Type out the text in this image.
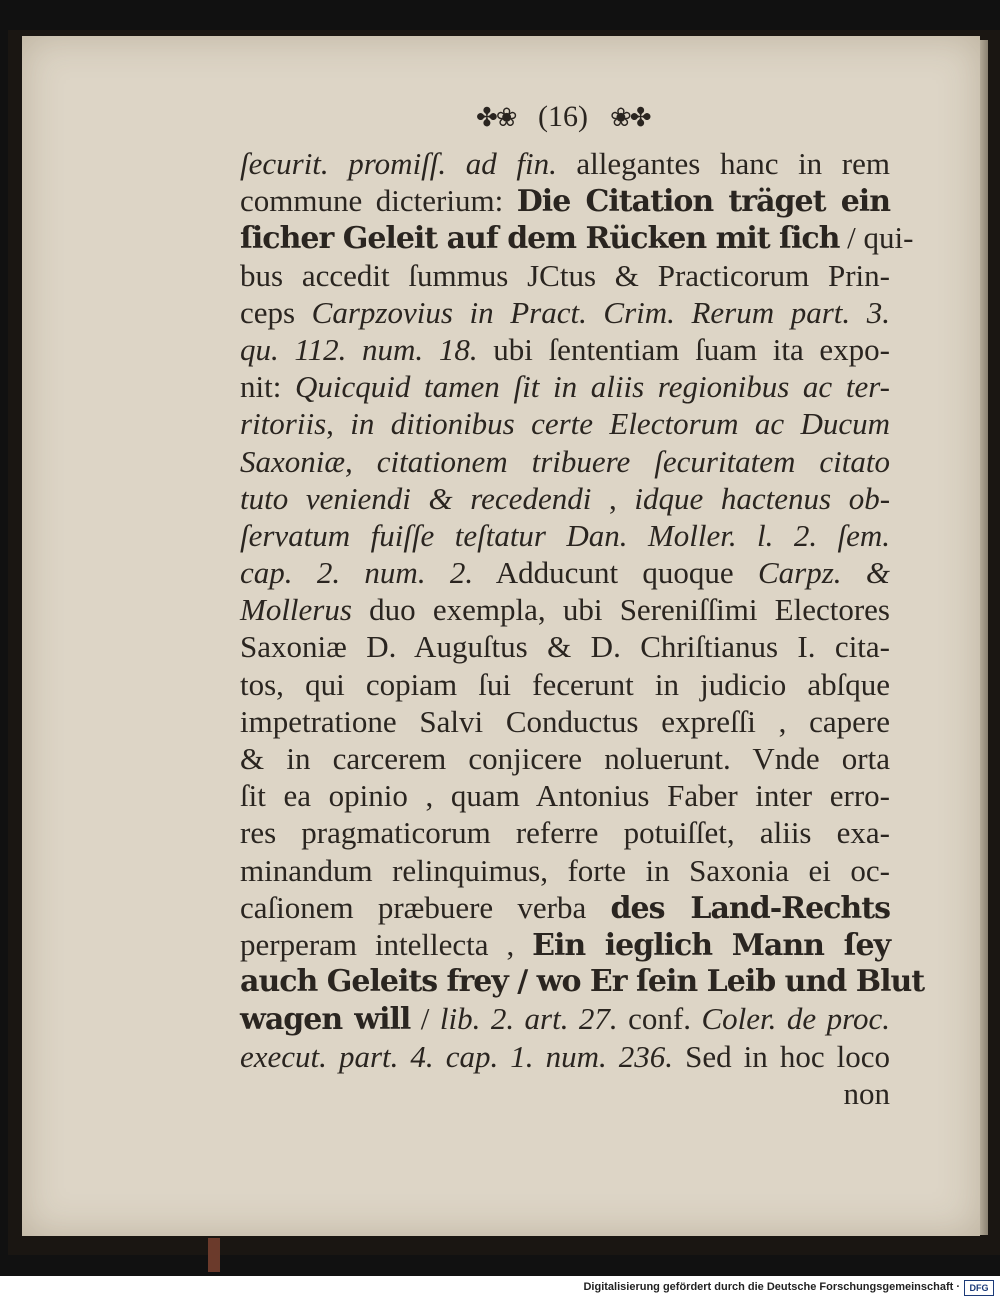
✤❀ (16) ❀✤
ſecurit. promiſſ. ad fin. allegantes hanc in rem
commune dicterium: Die Citation träget ein
ſicher Geleit auf dem Rücken mit ſich / qui-
bus accedit ſummus JCtus & Practicorum Prin-
ceps Carpzovius in Pract. Crim. Rerum part. 3.
qu. 112. num. 18. ubi ſententiam ſuam ita expo-
nit: Quicquid tamen ſit in aliis regionibus ac ter-
ritoriis, in ditionibus certe Electorum ac Ducum
Saxoniæ, citationem tribuere ſecuritatem citato
tuto veniendi & recedendi , idque hactenus ob-
ſervatum fuiſſe teſtatur Dan. Moller. l. 2. ſem.
cap. 2. num. 2. Adducunt quoque Carpz. &
Mollerus duo exempla, ubi Sereniſſimi Electores
Saxoniæ D. Auguſtus & D. Chriſtianus I. cita-
tos, qui copiam ſui fecerunt in judicio abſque
impetratione Salvi Conductus expreſſi , capere
& in carcerem conjicere noluerunt. Vnde orta
ſit ea opinio , quam Antonius Faber inter erro-
res pragmaticorum referre potuiſſet, aliis exa-
minandum relinquimus, forte in Saxonia ei oc-
caſionem præbuere verba des Land-Rechts
perperam intellecta , Ein ieglich Mann ſey
auch Geleits frey / wo Er ſein Leib und Blut
wagen will / lib. 2. art. 27. conf. Coler. de proc.
execut. part. 4. cap. 1. num. 236. Sed in hoc loco
non
Digitalisierung gefördert durch die Deutsche Forschungsgemeinschaft ·	DFG
